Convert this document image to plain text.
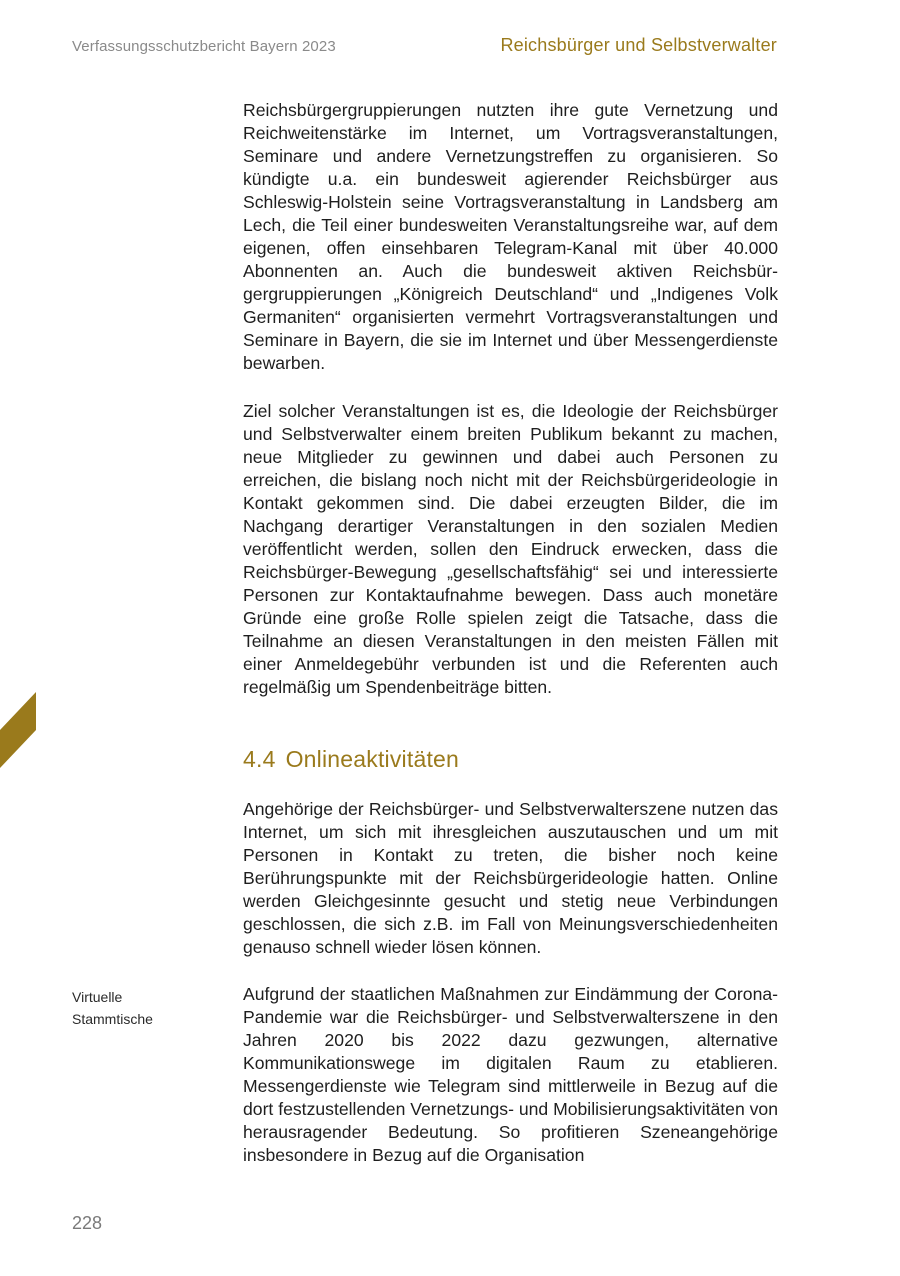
Verfassungsschutzbericht Bayern 2023	Reichsbürger und Selbstverwalter

Reichsbürgergruppierungen nutzten ihre gute Vernetzung und Reichweitenstärke im Internet, um Vortragsveranstaltungen, Seminare und andere Vernetzungstreffen zu organisieren. So kündigte u.a. ein bundesweit agierender Reichsbürger aus Schleswig-Holstein seine Vortragsveranstaltung in Landsberg am Lech, die Teil einer bundesweiten Veranstaltungsreihe war, auf dem eigenen, offen einsehbaren Telegram-Kanal mit über 40.000 Abonnenten an. Auch die bundesweit aktiven Reichsbürgergruppierungen „Königreich Deutschland“ und „Indigenes Volk Germaniten“ organisierten vermehrt Vortragsveranstaltungen und Seminare in Bayern, die sie im Internet und über Messengerdienste bewarben.

Ziel solcher Veranstaltungen ist es, die Ideologie der Reichsbürger und Selbstverwalter einem breiten Publikum bekannt zu machen, neue Mitglieder zu gewinnen und dabei auch Personen zu erreichen, die bislang noch nicht mit der Reichsbürgerideologie in Kontakt gekommen sind. Die dabei erzeugten Bilder, die im Nachgang derartiger Veranstaltungen in den sozialen Medien veröffentlicht werden, sollen den Eindruck erwecken, dass die Reichsbürger-Bewegung „gesellschaftsfähig“ sei und interessierte Personen zur Kontaktaufnahme bewegen. Dass auch monetäre Gründe eine große Rolle spielen zeigt die Tatsache, dass die Teilnahme an diesen Veranstaltungen in den meisten Fällen mit einer Anmeldegebühr verbunden ist und die Referenten auch regelmäßig um Spendenbeiträge bitten.

4.4 Onlineaktivitäten

Angehörige der Reichsbürger- und Selbstverwalterszene nutzen das Internet, um sich mit ihresgleichen auszutauschen und um mit Personen in Kontakt zu treten, die bisher noch keine Berührungspunkte mit der Reichsbürgerideologie hatten. Online werden Gleichgesinnte gesucht und stetig neue Verbindungen geschlossen, die sich z.B. im Fall von Meinungsverschiedenheiten genauso schnell wieder lösen können.

Virtuelle
Stammtische

Aufgrund der staatlichen Maßnahmen zur Eindämmung der Corona-Pandemie war die Reichsbürger- und Selbstverwalterszene in den Jahren 2020 bis 2022 dazu gezwungen, alternative Kommunikationswege im digitalen Raum zu etablieren. Messengerdienste wie Telegram sind mittlerweile in Bezug auf die dort festzustellenden Vernetzungs- und Mobilisierungsaktivitäten von herausragender Bedeutung. So profitieren Szeneangehörige insbesondere in Bezug auf die Organisation

228
